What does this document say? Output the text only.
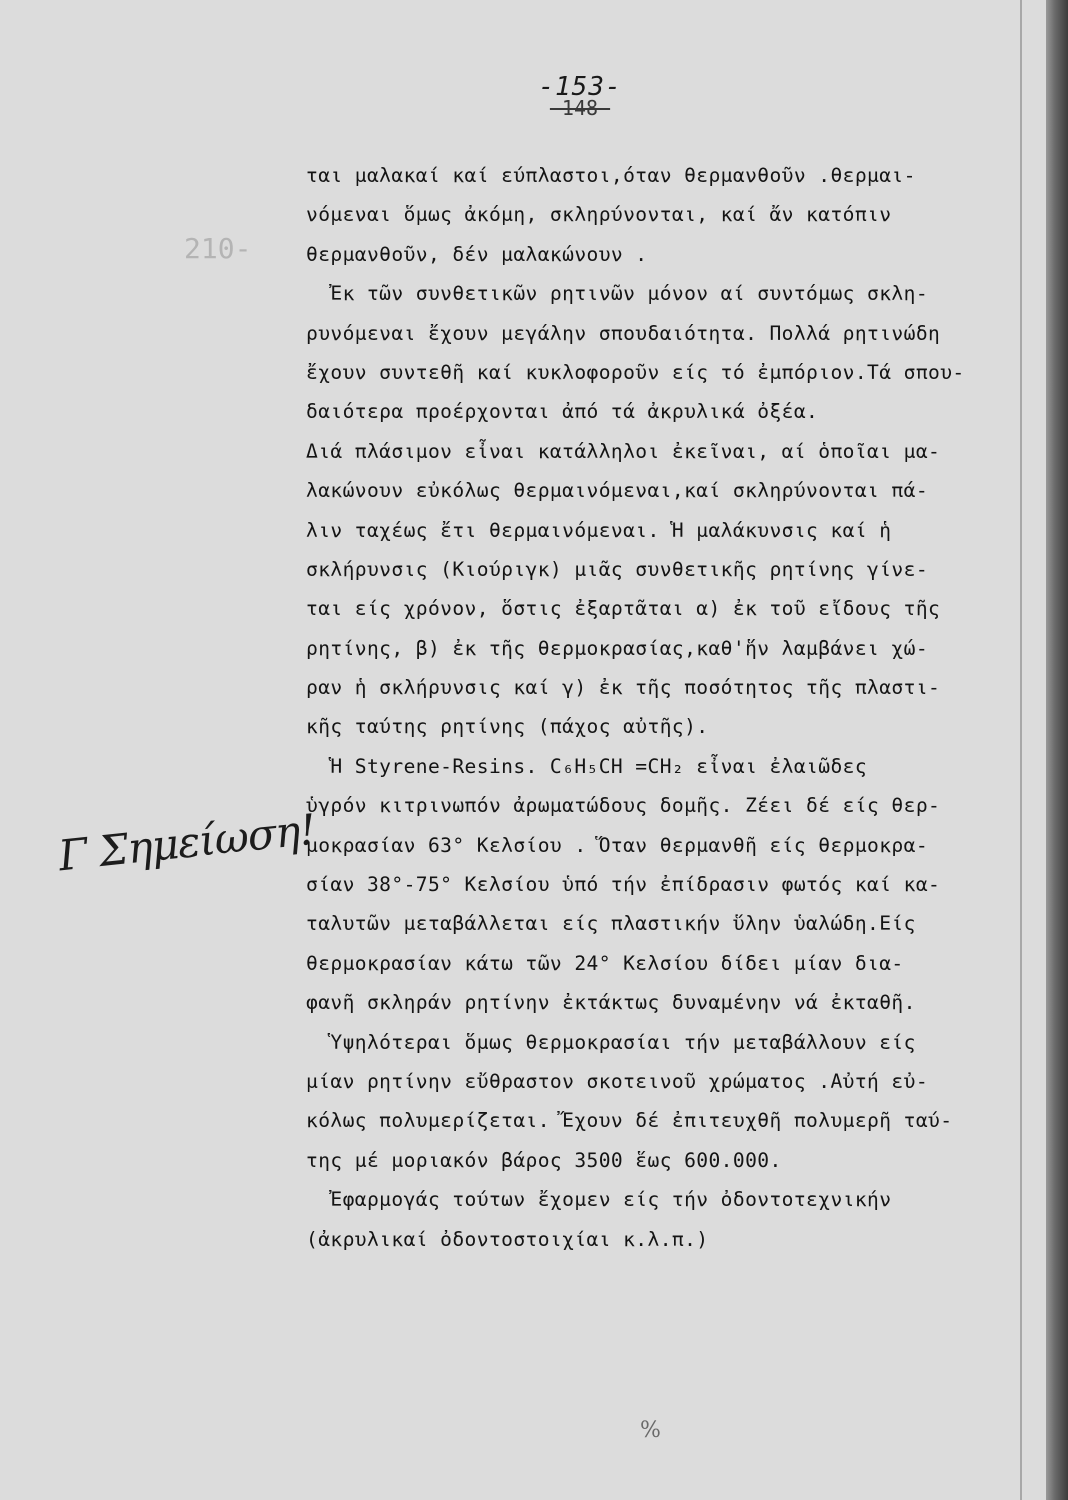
-153-
-148-
210-
Γ Σημείωση!
ται μαλακαί καί εύπλαστοι,όταν θερμανθοῦν .θερμαι-
νόμεναι ὅμως ἀκόμη, σκληρύνονται, καί ἄν κατόπιν
θερμανθοῦν, δέν μαλακώνουν .
Ἐκ τῶν συνθετικῶν ρητινῶν μόνον αί συντόμως σκλη-
ρυνόμεναι ἔχουν μεγάλην σπουδαιότητα. Πολλά ρητινώδη
ἔχουν συντεθῆ καί κυκλοφοροῦν είς τό ἐμπόριον.Τά σπου-
δαιότερα προέρχονται ἀπό τά ἀκρυλικά ὀξέα.
Διά πλάσιμον εἶναι κατάλληλοι ἐκεῖναι, αί ὁποῖαι μα-
λακώνουν εὐκόλως θερμαινόμεναι,καί σκληρύνονται πά-
λιν ταχέως ἔτι θερμαινόμεναι. Ἡ μαλάκυνσις καί ἡ
σκλήρυνσις (Κιούριγκ) μιᾶς συνθετικῆς ρητίνης γίνε-
ται είς χρόνον, ὅστις ἐξαρτᾶται α) ἐκ τοῦ εἴδους τῆς
ρητίνης, β) ἐκ τῆς θερμοκρασίας,καθ'ἥν λαμβάνει χώ-
ραν ἡ σκλήρυνσις καί γ) ἐκ τῆς ποσότητος τῆς πλαστι-
κῆς ταύτης ρητίνης (πάχος αὐτῆς).
Ἡ Styrene-Resins. C₆H₅CH =CH₂ εἶναι ἐλαιῶδες
ὑγρόν κιτρινωπόν ἀρωματώδους δομῆς. Ζέει δέ είς θερ-
μοκρασίαν 63° Κελσίου . Ὅταν θερμανθῆ είς θερμοκρα-
σίαν 38°-75° Κελσίου ὑπό τήν ἐπίδρασιν φωτός καί κα-
ταλυτῶν μεταβάλλεται είς πλαστικήν ὕλην ὑαλώδη.Είς
θερμοκρασίαν κάτω τῶν 24° Κελσίου δίδει μίαν δια-
φανῆ σκληράν ρητίνην ἐκτάκτως δυναμένην νά ἐκταθῆ.
Ὑψηλότεραι ὅμως θερμοκρασίαι τήν μεταβάλλουν είς
μίαν ρητίνην εὔθραστον σκοτεινοῦ χρώματος .Αὐτή εὐ-
κόλως πολυμερίζεται. Ἔχουν δέ ἐπιτευχθῆ πολυμερῆ ταύ-
της μέ μοριακόν βάρος 3500 ἕως 600.000.
Ἐφαρμογάς τούτων ἔχομεν είς τήν ὀδοντοτεχνικήν
(ἀκρυλικαί ὀδοντοστοιχίαι κ.λ.π.)
%
